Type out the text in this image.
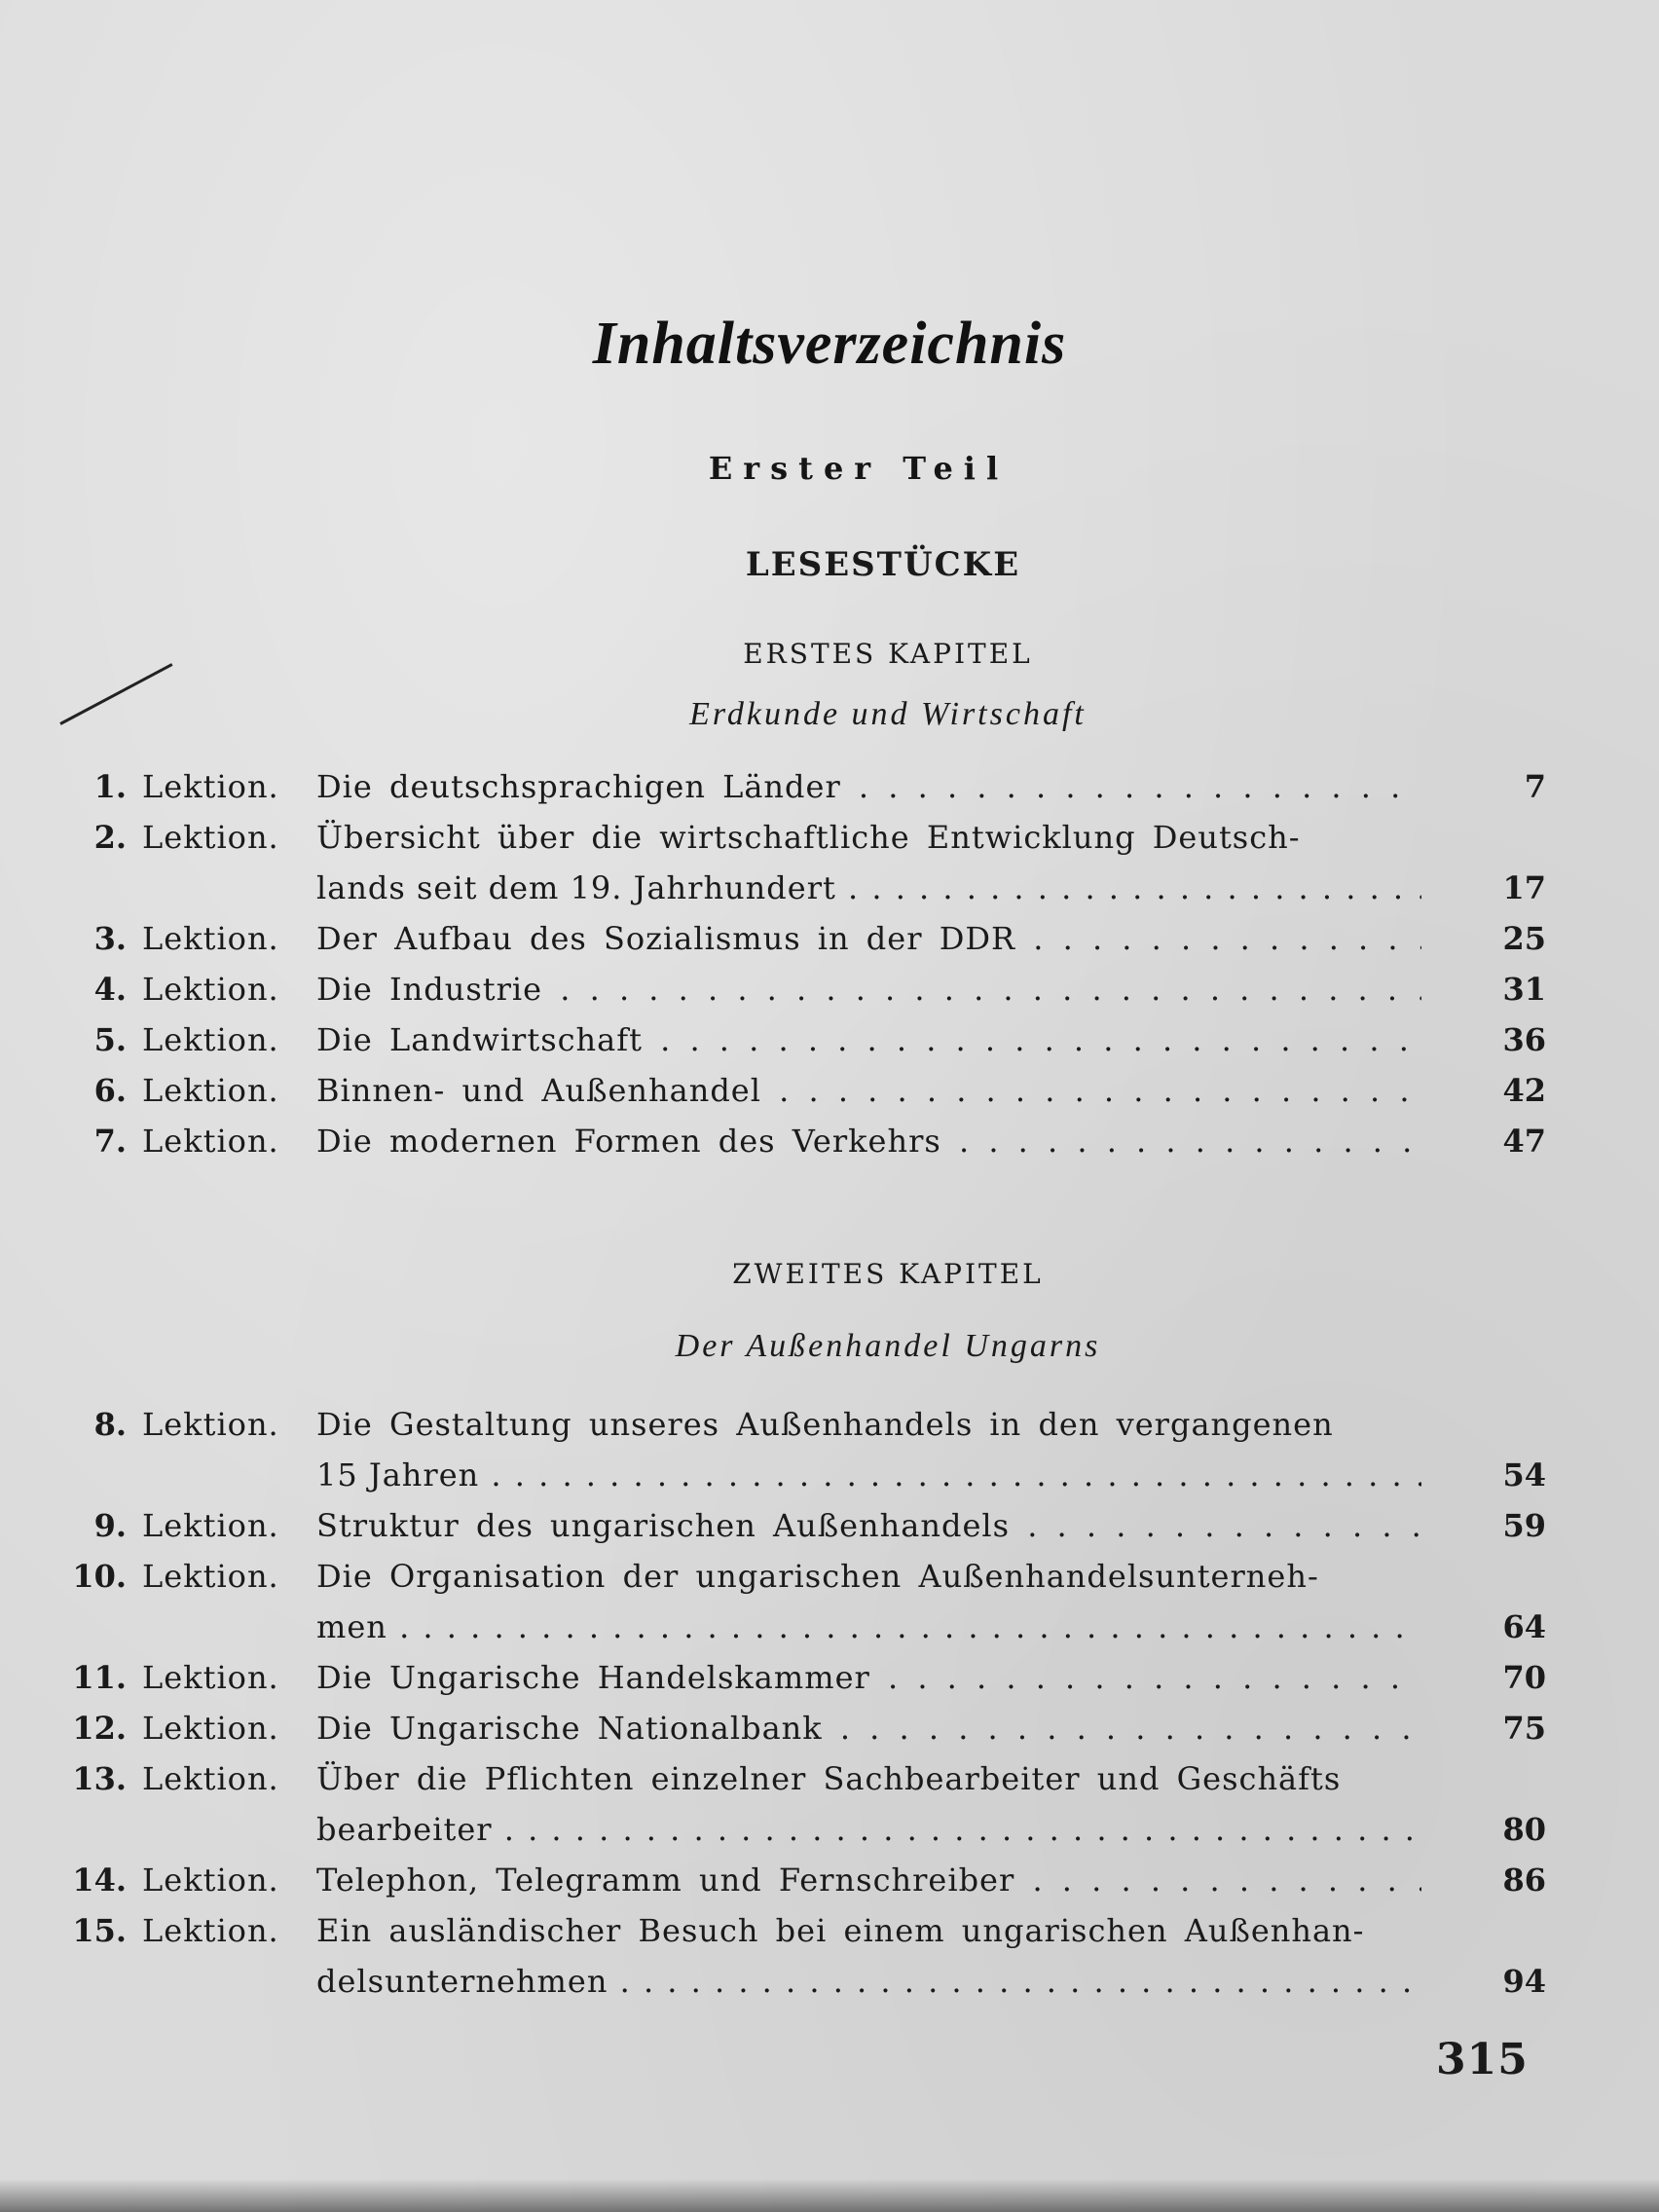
Inhaltsverzeichnis
Erster Teil
LESESTÜCKE
ERSTES KAPITEL
Erdkunde und Wirtschaft
1. Lektion. Die deutschsprachigen Länder . . .	7
2. Lektion. Übersicht über die wirtschaftliche Entwicklung Deutsch-
lands seit dem 19. Jahrhundert . . .	17
3. Lektion. Der Aufbau des Sozialismus in der DDR . . .	25
4. Lektion. Die Industrie . . .	31
5. Lektion. Die Landwirtschaft . . .	36
6. Lektion. Binnen- und Außenhandel . . .	42
7. Lektion. Die modernen Formen des Verkehrs . . .	47
ZWEITES KAPITEL
Der Außenhandel Ungarns
8. Lektion. Die Gestaltung unseres Außenhandels in den vergangenen
15 Jahren . . .	54
9. Lektion. Struktur des ungarischen Außenhandels . . .	59
10. Lektion. Die Organisation der ungarischen Außenhandelsunterneh-
men . . .	64
11. Lektion. Die Ungarische Handelskammer . . .	70
12. Lektion. Die Ungarische Nationalbank . . .	75
13. Lektion. Über die Pflichten einzelner Sachbearbeiter und Geschäfts
bearbeiter . . .	80
14. Lektion. Telephon, Telegramm und Fernschreiber . . .	86
15. Lektion. Ein ausländischer Besuch bei einem ungarischen Außenhan-
delsunternehmen . . .	94
315
